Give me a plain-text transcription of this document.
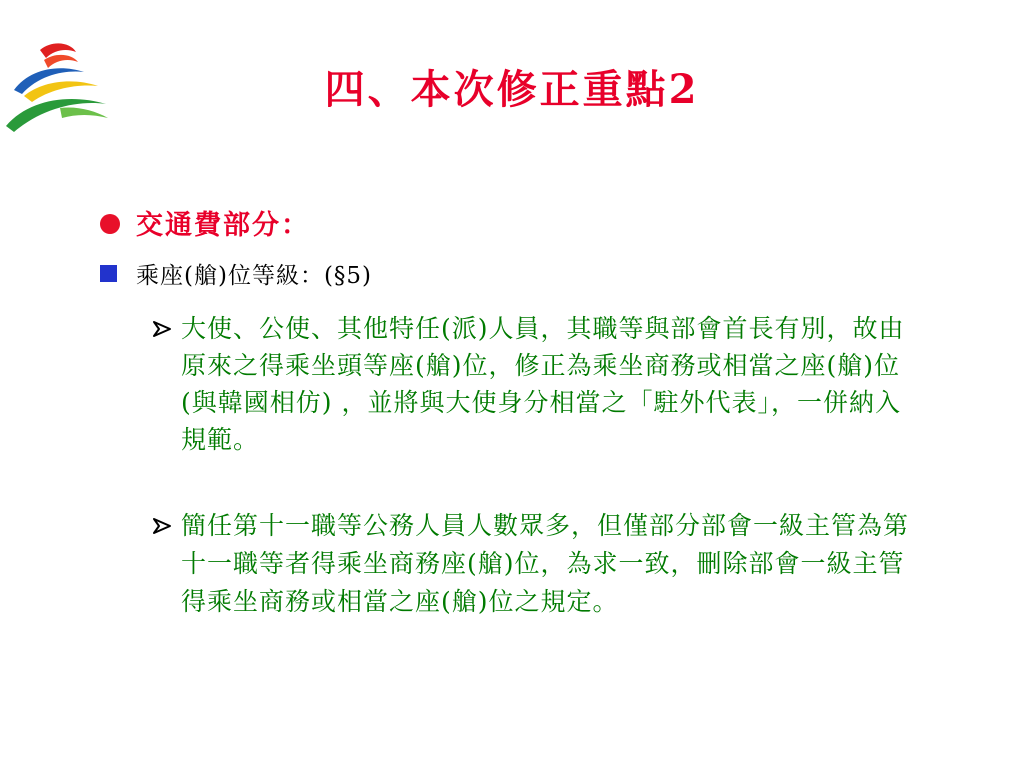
四、本次修正重點2
交通費部分：
乘座(艙)位等級：(§5)
大使、公使、其他特任(派)人員，其職等與部會首長有別，故由原來之得乘坐頭等座(艙)位，修正為乘坐商務或相當之座(艙)位(與韓國相仿) ，並將與大使身分相當之「駐外代表」，一併納入規範。
簡任第十一職等公務人員人數眾多，但僅部分部會一級主管為第十一職等者得乘坐商務座(艙)位，為求一致，刪除部會一級主管得乘坐商務或相當之座(艙)位之規定。
